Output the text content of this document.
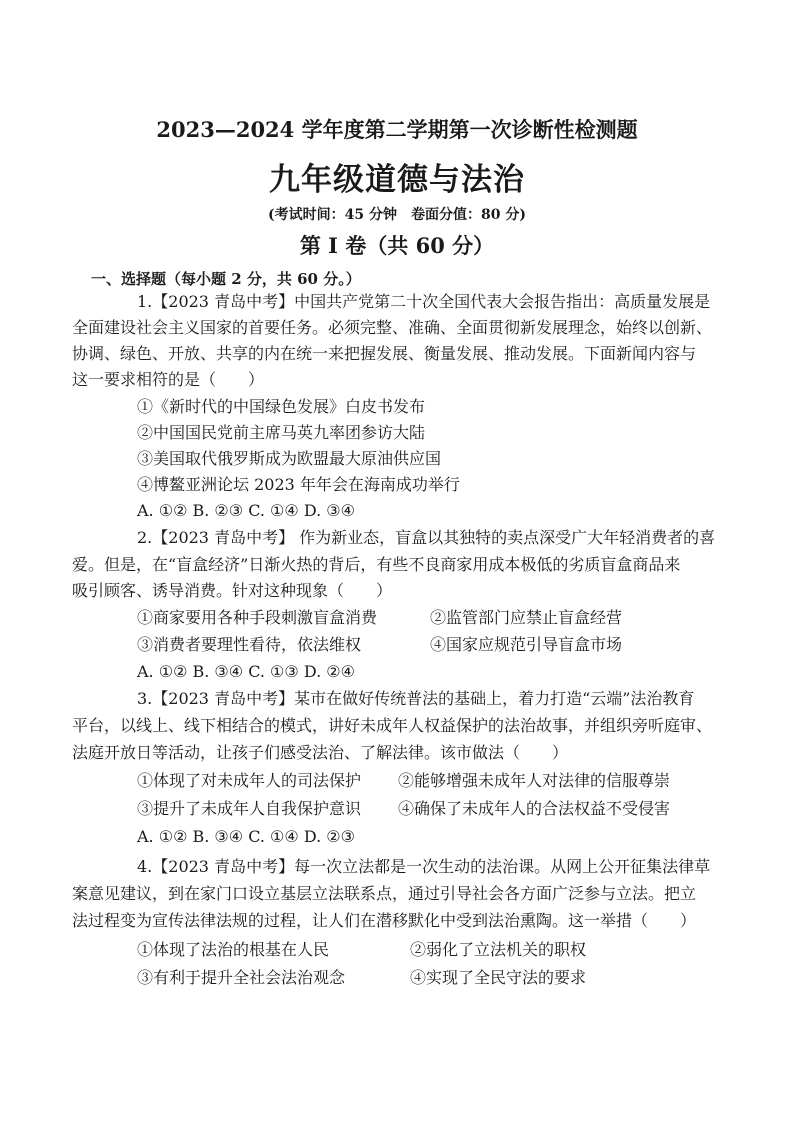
2023—2024 学年度第二学期第一次诊断性检测题
九年级道德与法治
(考试时间：45 分钟　卷面分值：80 分)
第 I 卷（共 60 分）
一、选择题（每小题 2 分，共 60 分。）
1.【2023 青岛中考】中国共产党第二十次全国代表大会报告指出：高质量发展是
全面建设社会主义国家的首要任务。必须完整、准确、全面贯彻新发展理念，始终以创新、
协调、绿色、开放、共享的内在统一来把握发展、衡量发展、推动发展。下面新闻内容与
这一要求相符的是（　　）
①《新时代的中国绿色发展》白皮书发布
②中国国民党前主席马英九率团参访大陆
③美国取代俄罗斯成为欧盟最大原油供应国
④博鳌亚洲论坛 2023 年年会在海南成功举行
A. ①② B. ②③ C. ①④ D. ③④
2.【2023 青岛中考】 作为新业态，盲盒以其独特的卖点深受广大年轻消费者的喜
爱。但是，在“盲盒经济”日渐火热的背后，有些不良商家用成本极低的劣质盲盒商品来
吸引顾客、诱导消费。针对这种现象（　　）
①商家要用各种手段刺激盲盒消费	②监管部门应禁止盲盒经营
③消费者要理性看待，依法维权	④国家应规范引导盲盒市场
A. ①② B. ③④ C. ①③ D. ②④
3.【2023 青岛中考】某市在做好传统普法的基础上，着力打造“云端”法治教育
平台，以线上、线下相结合的模式，讲好未成年人权益保护的法治故事，并组织旁听庭审、
法庭开放日等活动，让孩子们感受法治、了解法律。该市做法（　　）
①体现了对未成年人的司法保护 ②能够增强未成年人对法律的信服尊崇
③提升了未成年人自我保护意识 ④确保了未成年人的合法权益不受侵害
A. ①② B. ③④ C. ①④ D. ②③
4.【2023 青岛中考】每一次立法都是一次生动的法治课。从网上公开征集法律草
案意见建议，到在家门口设立基层立法联系点，通过引导社会各方面广泛参与立法。把立
法过程变为宣传法律法规的过程，让人们在潜移默化中受到法治熏陶。这一举措（　　）
①体现了法治的根基在人民	②弱化了立法机关的职权
③有利于提升全社会法治观念	④实现了全民守法的要求
